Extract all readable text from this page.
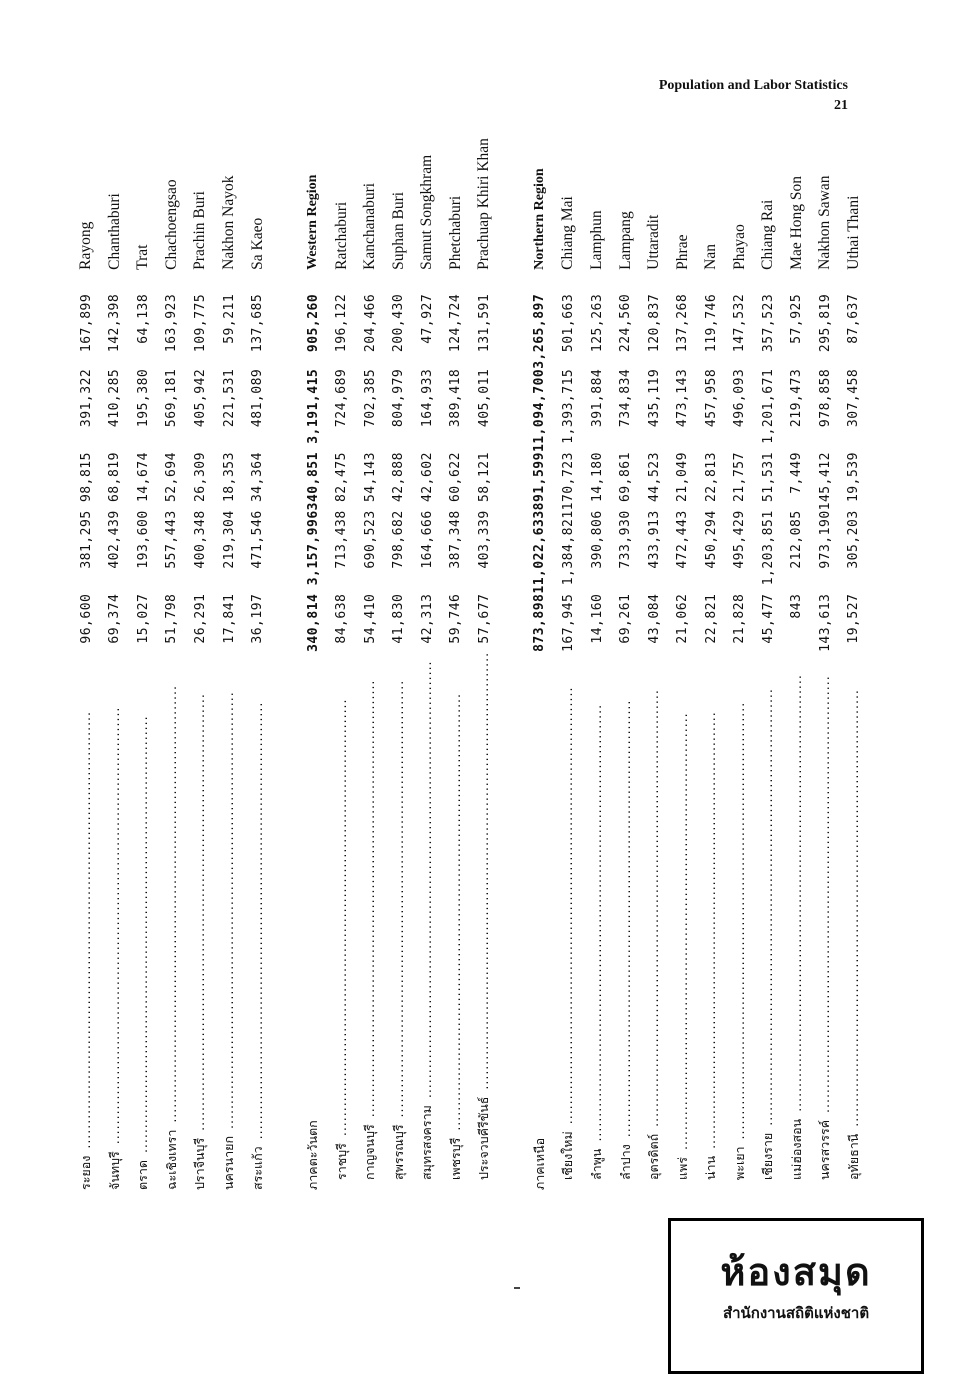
Population and Labor Statistics
21
ระยอง .....	96,600	381,295	98,815	391,322	167,899	Rayong

จันทบุรี .....	69,374	402,439	68,819	410,285	142,398	Chanthaburi

ตราด .....	15,027	193,600	14,674	195,380	64,138	Trat

ฉะเชิงเทรา .....	51,798	557,443	52,694	569,181	163,923	Chachoengsao

ปราจีนบุรี .....	26,291	400,348	26,309	405,942	109,775	Prachin Buri

นครนายก .....	17,841	219,304	18,353	221,531	59,211	Nakhon Nayok

สระแก้ว .....	36,197	471,546	34,364	481,089	137,685	Sa Kaeo

ภาคตะวันตก	340,814	3,157,996	340,851	3,191,415	905,260	Western Region

ราชบุรี .....	84,638	713,438	82,475	724,689	196,122	Ratchaburi

กาญจนบุรี .....	54,410	690,523	54,143	702,385	204,466	Kanchanaburi

สุพรรณบุรี .....	41,830	798,682	42,888	804,979	200,430	Suphan Buri

สมุทรสงคราม .....	42,313	164,666	42,602	164,933	47,927	Samut Songkhram

เพชรบุรี .....	59,746	387,348	60,622	389,418	124,724	Phetchaburi

ประจวบคีรีขันธ์ .....	57,677	403,339	58,121	405,011	131,591	Prachuap Khiri Khan

ภาคเหนือ	873,898	11,022,633	891,599	11,094,700	3,265,897	Northern Region

เชียงใหม่ .....	167,945	1,384,821	170,723	1,393,715	501,663	Chiang Mai

ลำพูน .....	14,160	390,806	14,180	391,884	125,263	Lamphun

ลำปาง .....	69,261	733,930	69,861	734,834	224,560	Lampang

อุตรดิตถ์ .....	43,084	433,913	44,523	435,119	120,837	Uttaradit

แพร่ .....	21,062	472,443	21,049	473,143	137,268	Phrae

น่าน .....	22,821	450,294	22,813	457,958	119,746	Nan

พะเยา .....	21,828	495,429	21,757	496,093	147,532	Phayao

เชียงราย .....	45,477	1,203,851	51,531	1,201,671	357,523	Chiang Rai

แม่ฮ่องสอน .....	843	212,085	7,449	219,473	57,925	Mae Hong Son

นครสวรรค์ .....	143,613	973,190	145,412	978,858	295,819	Nakhon Sawan

อุทัยธานี .....	19,527	305,203	19,539	307,458	87,637	Uthai Thani
ห้องสมุด
สำนักงานสถิติแห่งชาติ
